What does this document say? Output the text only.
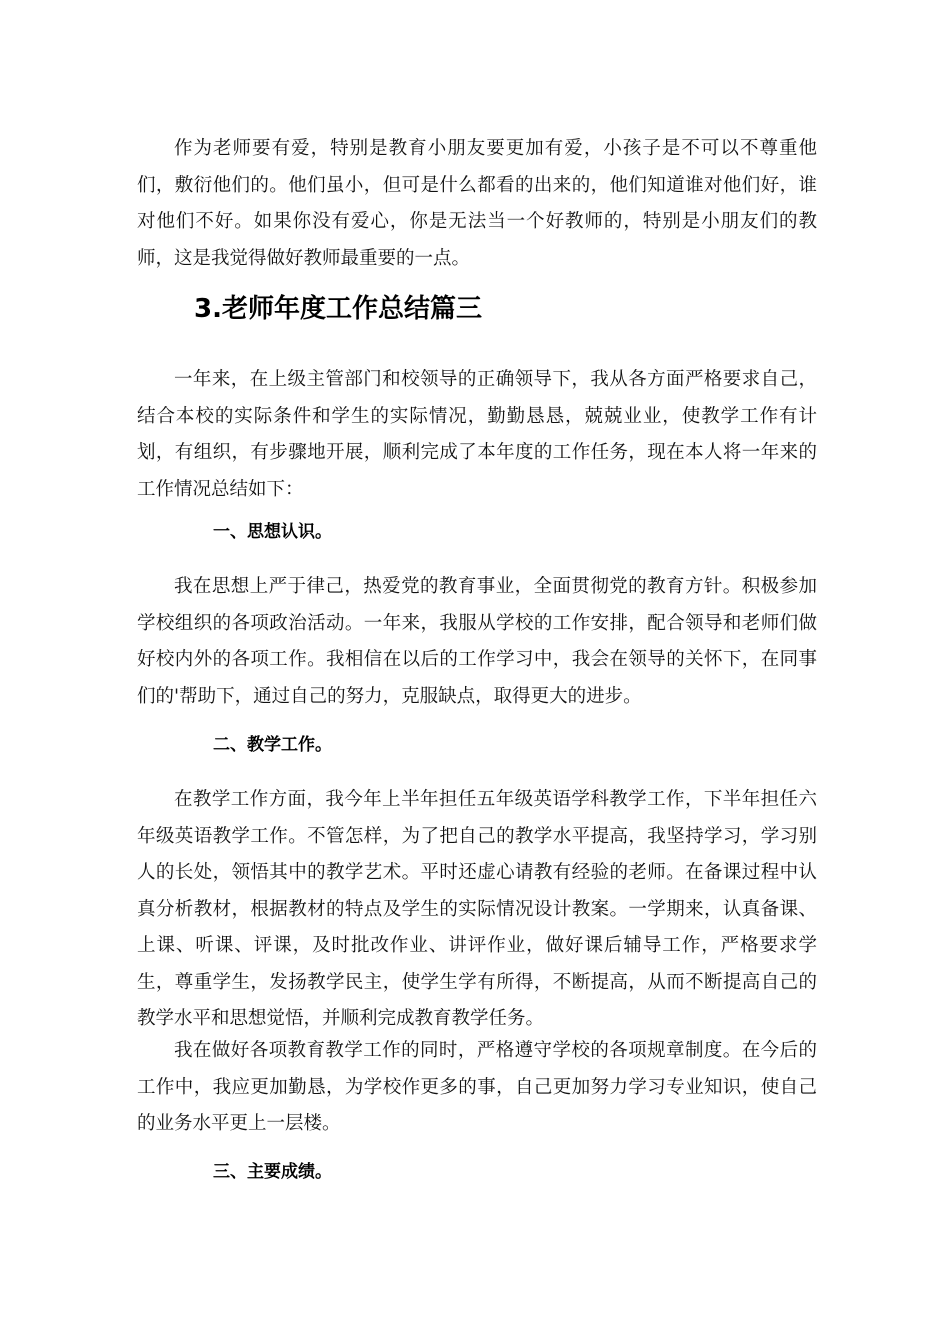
作为老师要有爱，特别是教育小朋友要更加有爱，小孩子是不可以不尊重他们，敷衍他们的。他们虽小，但可是什么都看的出来的，他们知道谁对他们好，谁对他们不好。如果你没有爱心，你是无法当一个好教师的，特别是小朋友们的教师，这是我觉得做好教师最重要的一点。

3.老师年度工作总结篇三

一年来，在上级主管部门和校领导的正确领导下，我从各方面严格要求自己，结合本校的实际条件和学生的实际情况，勤勤恳恳，兢兢业业，使教学工作有计划，有组织，有步骤地开展，顺利完成了本年度的工作任务，现在本人将一年来的工作情况总结如下：

一、思想认识。

我在思想上严于律己，热爱党的教育事业，全面贯彻党的教育方针。积极参加学校组织的各项政治活动。一年来，我服从学校的工作安排，配合领导和老师们做好校内外的各项工作。我相信在以后的工作学习中，我会在领导的关怀下，在同事们的'帮助下，通过自己的努力，克服缺点，取得更大的进步。

二、教学工作。

在教学工作方面，我今年上半年担任五年级英语学科教学工作，下半年担任六年级英语教学工作。不管怎样，为了把自己的教学水平提高，我坚持学习，学习别人的长处，领悟其中的教学艺术。平时还虚心请教有经验的老师。在备课过程中认真分析教材，根据教材的特点及学生的实际情况设计教案。一学期来，认真备课、上课、听课、评课，及时批改作业、讲评作业，做好课后辅导工作，严格要求学生，尊重学生，发扬教学民主，使学生学有所得，不断提高，从而不断提高自己的教学水平和思想觉悟，并顺利完成教育教学任务。

我在做好各项教育教学工作的同时，严格遵守学校的各项规章制度。在今后的工作中，我应更加勤恳，为学校作更多的事，自己更加努力学习专业知识，使自己的业务水平更上一层楼。

三、主要成绩。
